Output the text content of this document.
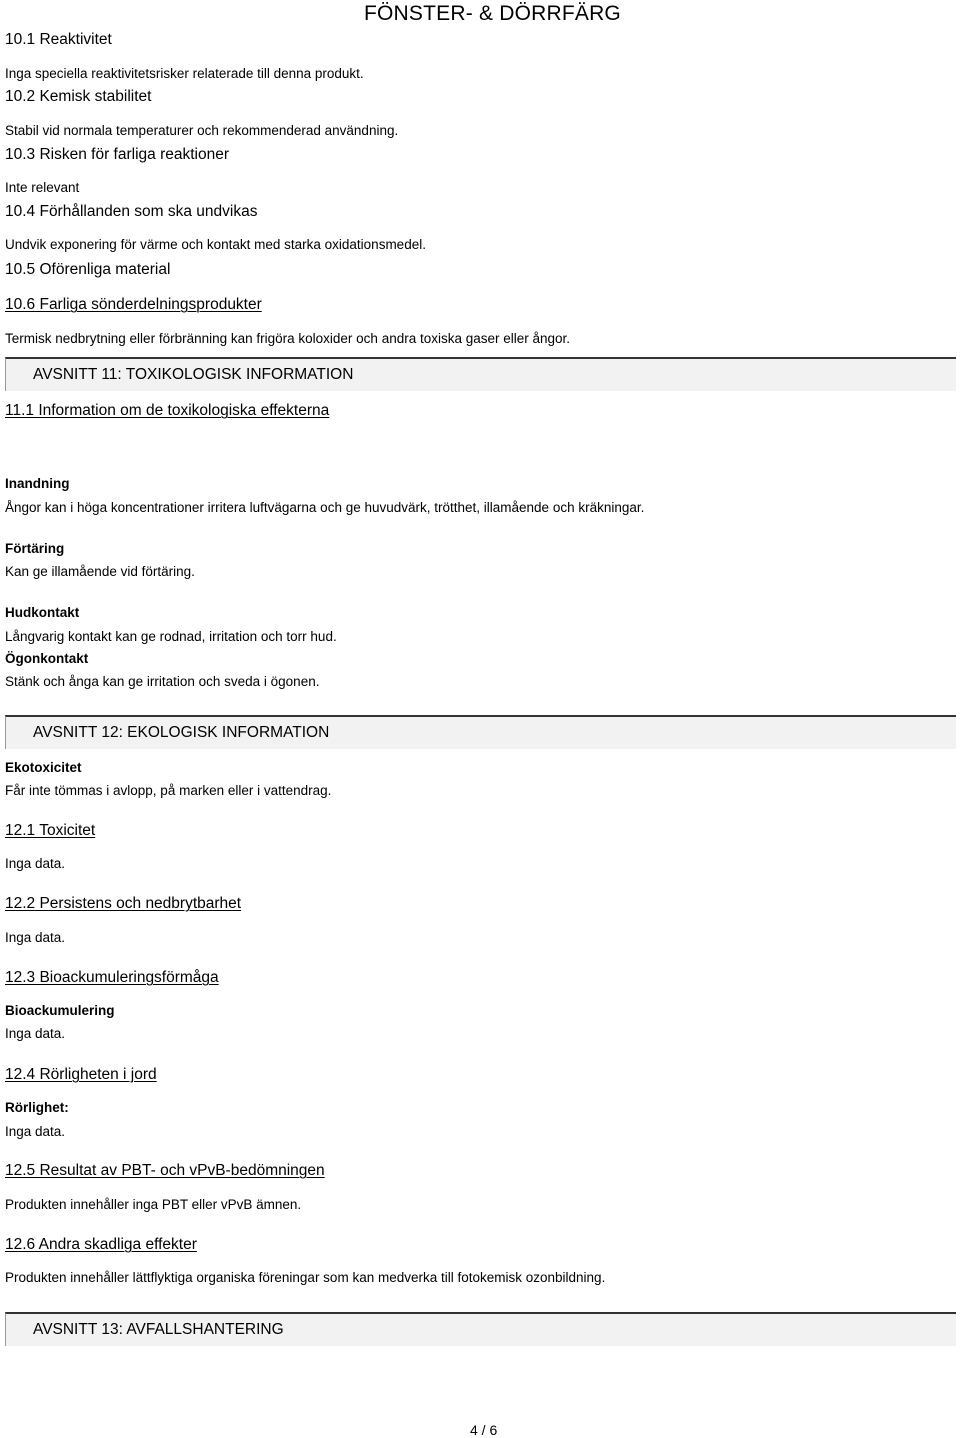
FÖNSTER- & DÖRRFÄRG
10.1 Reaktivitet
Inga speciella reaktivitetsrisker relaterade till denna produkt.
10.2 Kemisk stabilitet
Stabil vid normala temperaturer och rekommenderad användning.
10.3 Risken för farliga reaktioner
Inte relevant
10.4 Förhållanden som ska undvikas
Undvik exponering för värme och kontakt med starka oxidationsmedel.
10.5 Oförenliga material
10.6 Farliga sönderdelningsprodukter
Termisk nedbrytning eller förbränning kan frigöra koloxider och andra toxiska gaser eller ångor.
AVSNITT 11: TOXIKOLOGISK INFORMATION
11.1 Information om de toxikologiska effekterna
Inandning
Ångor kan i höga koncentrationer irritera luftvägarna och ge huvudvärk, trötthet, illamående och kräkningar.
Förtäring
Kan ge illamående vid förtäring.
Hudkontakt
Långvarig kontakt kan ge rodnad, irritation och torr hud.
Ögonkontakt
Stänk och ånga kan ge irritation och sveda i ögonen.
AVSNITT 12: EKOLOGISK INFORMATION
Ekotoxicitet
Får inte tömmas i avlopp, på marken eller i vattendrag.
12.1 Toxicitet
Inga data.
12.2 Persistens och nedbrytbarhet
Inga data.
12.3 Bioackumuleringsförmåga
Bioackumulering
Inga data.
12.4 Rörligheten i jord
Rörlighet:
Inga data.
12.5 Resultat av PBT- och vPvB-bedömningen
Produkten innehåller inga PBT eller vPvB ämnen.
12.6 Andra skadliga effekter
Produkten innehåller lättflyktiga organiska föreningar som kan medverka till fotokemisk ozonbildning.
AVSNITT 13: AVFALLSHANTERING
4 / 6
